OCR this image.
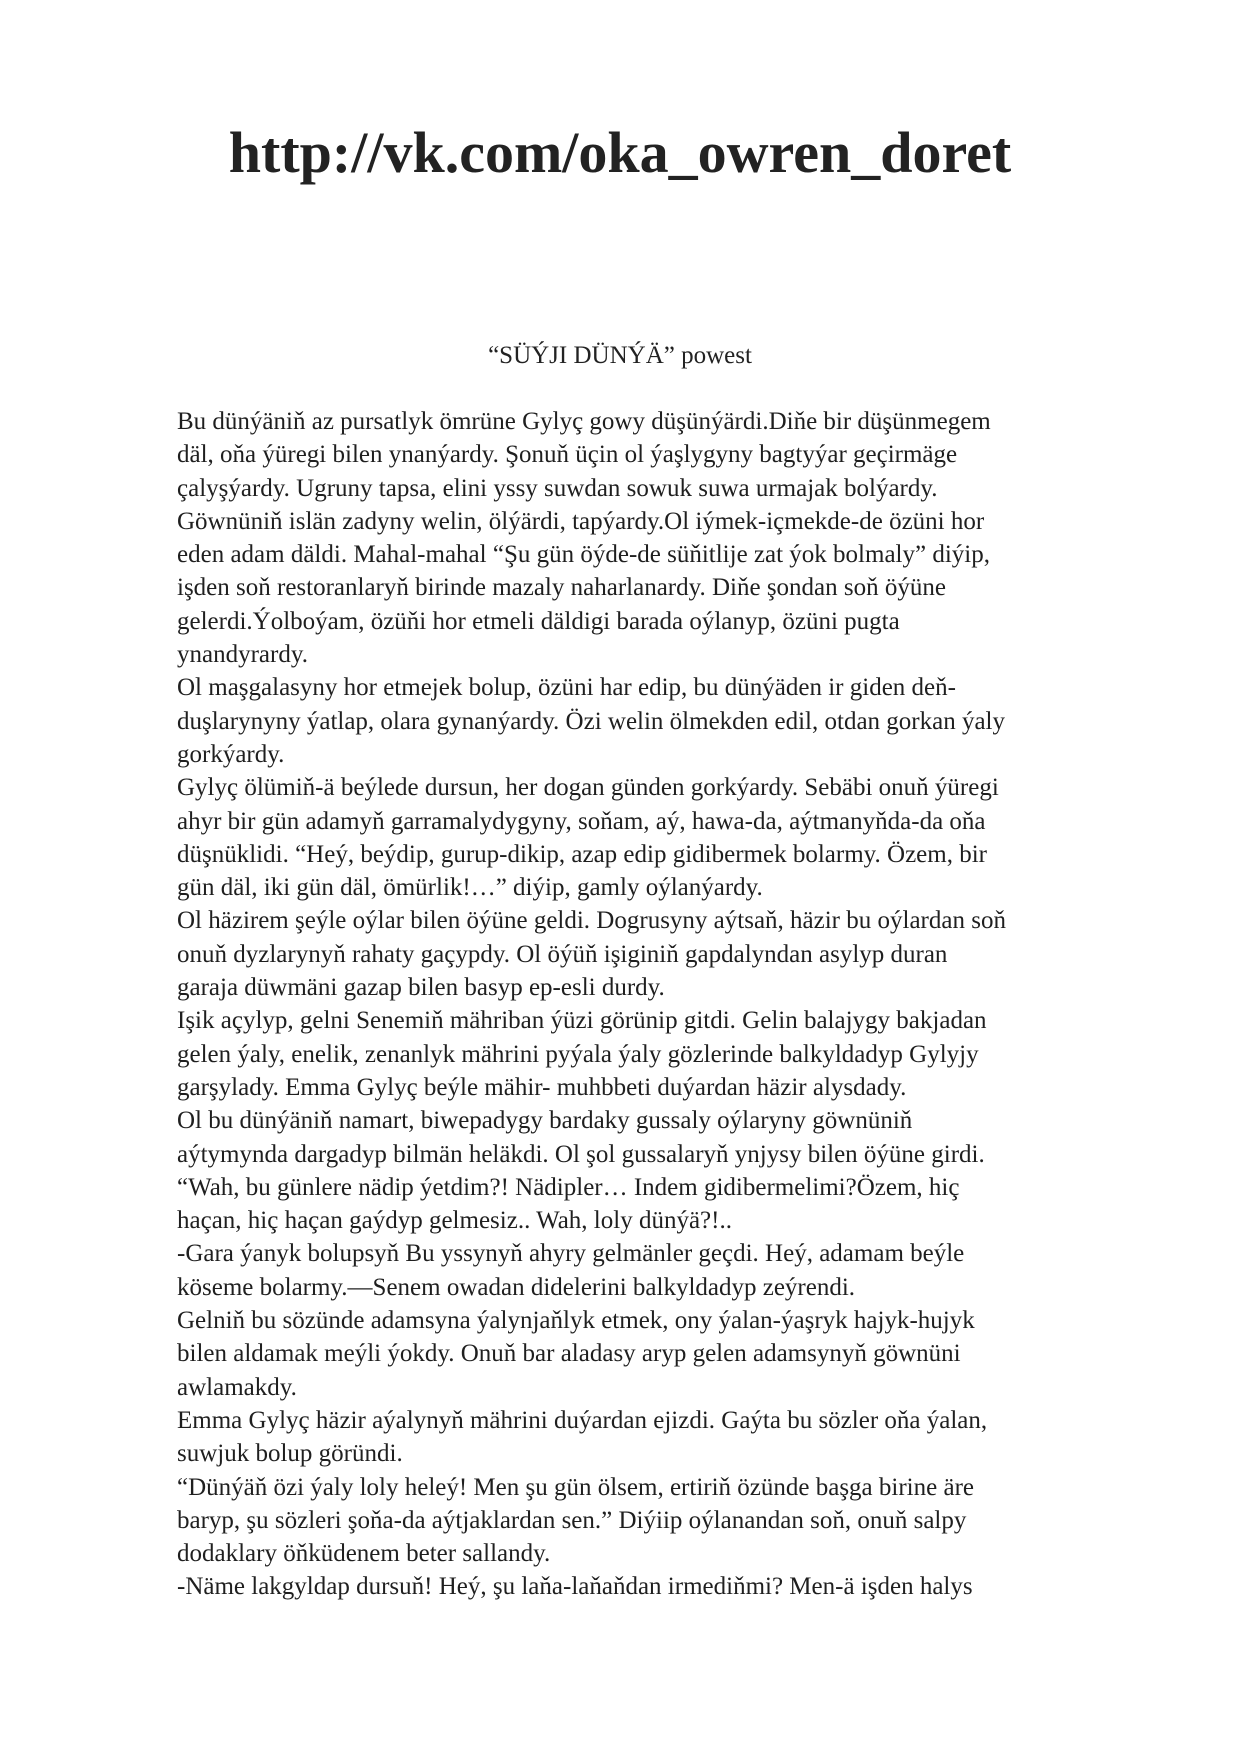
http://vk.com/oka_owren_doret
“SÜÝJI DÜNÝÄ” powest
Bu dünýäniň az pursatlyk ömrüne Gylyç gowy düşünýärdi.Diňe bir düşünmegem
däl, oňa ýüregi bilen ynanýardy. Şonuň üçin ol ýaşlygyny bagtyýar geçirmäge
çalyşýardy. Ugruny tapsa, elini yssy suwdan sowuk suwa urmajak bolýardy.
Göwnüniň islän zadyny welin, ölýärdi, tapýardy.Ol iýmek-içmekde-de özüni hor
eden adam däldi. Mahal-mahal “Şu gün öýde-de süňitlije zat ýok bolmaly” diýip,
işden soň restoranlaryň birinde mazaly naharlanardy. Diňe şondan soň öýüne
gelerdi.Ýolboýam, özüňi hor etmeli däldigi barada oýlanyp, özüni pugta
ynandyrardy.
Ol maşgalasyny hor etmejek bolup, özüni har edip, bu dünýäden ir giden deň-
duşlarynyny ýatlap, olara gynanýardy. Özi welin ölmekden edil, otdan gorkan ýaly
gorkýardy.
Gylyç ölümiň-ä beýlede dursun, her dogan günden gorkýardy. Sebäbi onuň ýüregi
ahyr bir gün adamyň garramalydygyny, soňam, aý, hawa-da, aýtmanyňda-da oňa
düşnüklidi. “Heý, beýdip, gurup-dikip, azap edip gidibermek bolarmy. Özem, bir
gün däl, iki gün däl, ömürlik!…” diýip, gamly oýlanýardy.
Ol häzirem şeýle oýlar bilen öýüne geldi. Dogrusyny aýtsaň, häzir bu oýlardan soň
onuň dyzlarynyň rahaty gaçypdy. Ol öýüň işiginiň gapdalyndan asylyp duran
garaja düwmäni gazap bilen basyp ep-esli durdy.
Işik açylyp, gelni Senemiň mähriban ýüzi görünip gitdi. Gelin balajygy bakjadan
gelen ýaly, enelik, zenanlyk mährini pyýala ýaly gözlerinde balkyldadyp Gylyjy
garşylady. Emma Gylyç beýle mähir- muhbbeti duýardan häzir alysdady.
Ol bu dünýäniň namart, biwepadygy bardaky gussaly oýlaryny göwnüniň
aýtymynda dargadyp bilmän heläkdi. Ol şol gussalaryň ynjysy bilen öýüne girdi.
“Wah, bu günlere nädip ýetdim?! Nädipler… Indem gidibermelimi?Özem, hiç
haçan, hiç haçan gaýdyp gelmesiz.. Wah, loly dünýä?!..
-Gara ýanyk bolupsyň Bu yssynyň ahyry gelmänler geçdi. Heý, adamam beýle
köseme bolarmy.—Senem owadan didelerini balkyldadyp zeýrendi.
Gelniň bu sözünde adamsyna ýalynjaňlyk etmek, ony ýalan-ýaşryk hajyk-hujyk
bilen aldamak meýli ýokdy. Onuň bar aladasy aryp gelen adamsynyň göwnüni
awlamakdy.
Emma Gylyç häzir aýalynyň mährini duýardan ejizdi. Gaýta bu sözler oňa ýalan,
suwjuk bolup göründi.
“Dünýäň özi ýaly loly heleý! Men şu gün ölsem, ertiriň özünde başga birine äre
baryp, şu sözleri şoňa-da aýtjaklardan sen.” Diýiip oýlanandan soň, onuň salpy
dodaklary öňküdenem beter sallandy.
-Näme lakgyldap dursuň! Heý, şu laňa-laňaňdan irmediňmi? Men-ä işden halys
